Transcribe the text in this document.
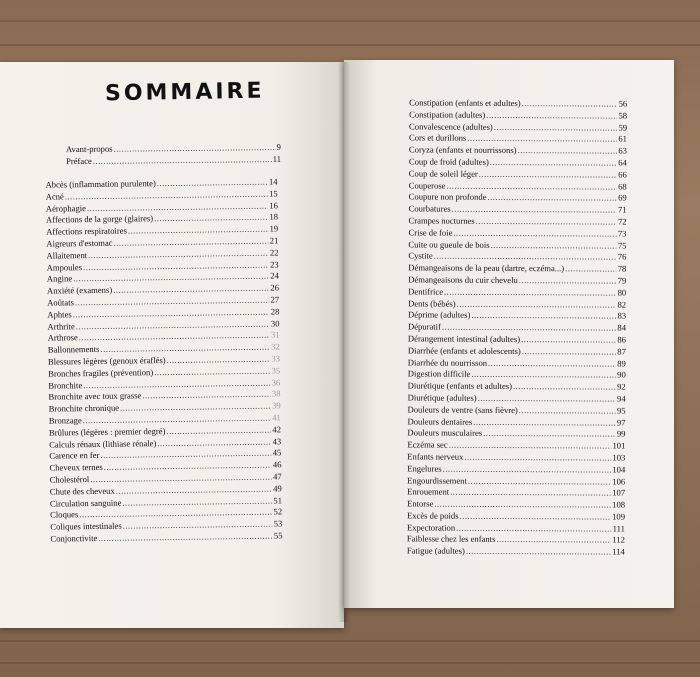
SOMMAIRE
Avant-propos .....	9
Préface .....	11
Abcès (inflammation purulente) .....	14
Acné .....	15
Aérophagie .....	16
Affections de la gorge (glaires) .....	18
Affections respiratoires .....	19
Aigreurs d'estomac .....	21
Allaitement .....	22
Ampoules .....	23
Angine .....	24
Anxiété (examens) .....	26
Aoûtats .....	27
Aphtes .....	28
Arthrite .....	30
Arthrose .....	31
Ballonnements .....	32
Blessures légères (genoux éraflés) .....	33
Bronches fragiles (prévention) .....	35
Bronchite .....	36
Bronchite avec toux grasse .....	38
Bronchite chronique .....	39
Bronzage .....	41
Brûlures (légères : premier degré) .....	42
Calculs rénaux (lithiase rénale) .....	43
Carence en fer .....	45
Cheveux ternes .....	46
Cholestérol .....	47
Chute des cheveux .....	49
Circulation sanguine .....	51
Cloques .....	52
Coliques intestinales .....	53
Conjonctivite .....	55
Constipation (enfants et adultes) .....	56
Constipation (adultes) .....	58
Convalescence (adultes) .....	59
Cors et durillons .....	61
Coryza (enfants et nourrissons) .....	63
Coup de froid (adultes) .....	64
Coup de soleil léger .....	66
Couperose .....	68
Coupure non profonde .....	69
Courbatures .....	71
Crampes nocturnes .....	72
Crise de foie .....	73
Cuite ou gueule de bois .....	75
Cystite .....	76
Démangeaisons de la peau (dartre, eczéma...) .....	78
Démangeaisons du cuir chevelu .....	79
Dentifrice .....	80
Dents (bébés) .....	82
Déprime (adultes) .....	83
Dépuratif .....	84
Dérangement intestinal (adultes) .....	86
Diarrhée (enfants et adolescents) .....	87
Diarrhée du nourrisson .....	89
Digestion difficile .....	90
Diurétique (enfants et adultes) .....	92
Diurétique (adultes) .....	94
Douleurs de ventre (sans fièvre) .....	95
Douleurs dentaires .....	97
Douleurs musculaires .....	99
Eczéma sec .....	101
Enfants nerveux .....	103
Engelures .....	104
Engourdissement .....	106
Enrouement .....	107
Entorse .....	108
Excès de poids .....	109
Expectoration .....	111
Faiblesse chez les enfants .....	112
Fatigue (adultes) .....	114
